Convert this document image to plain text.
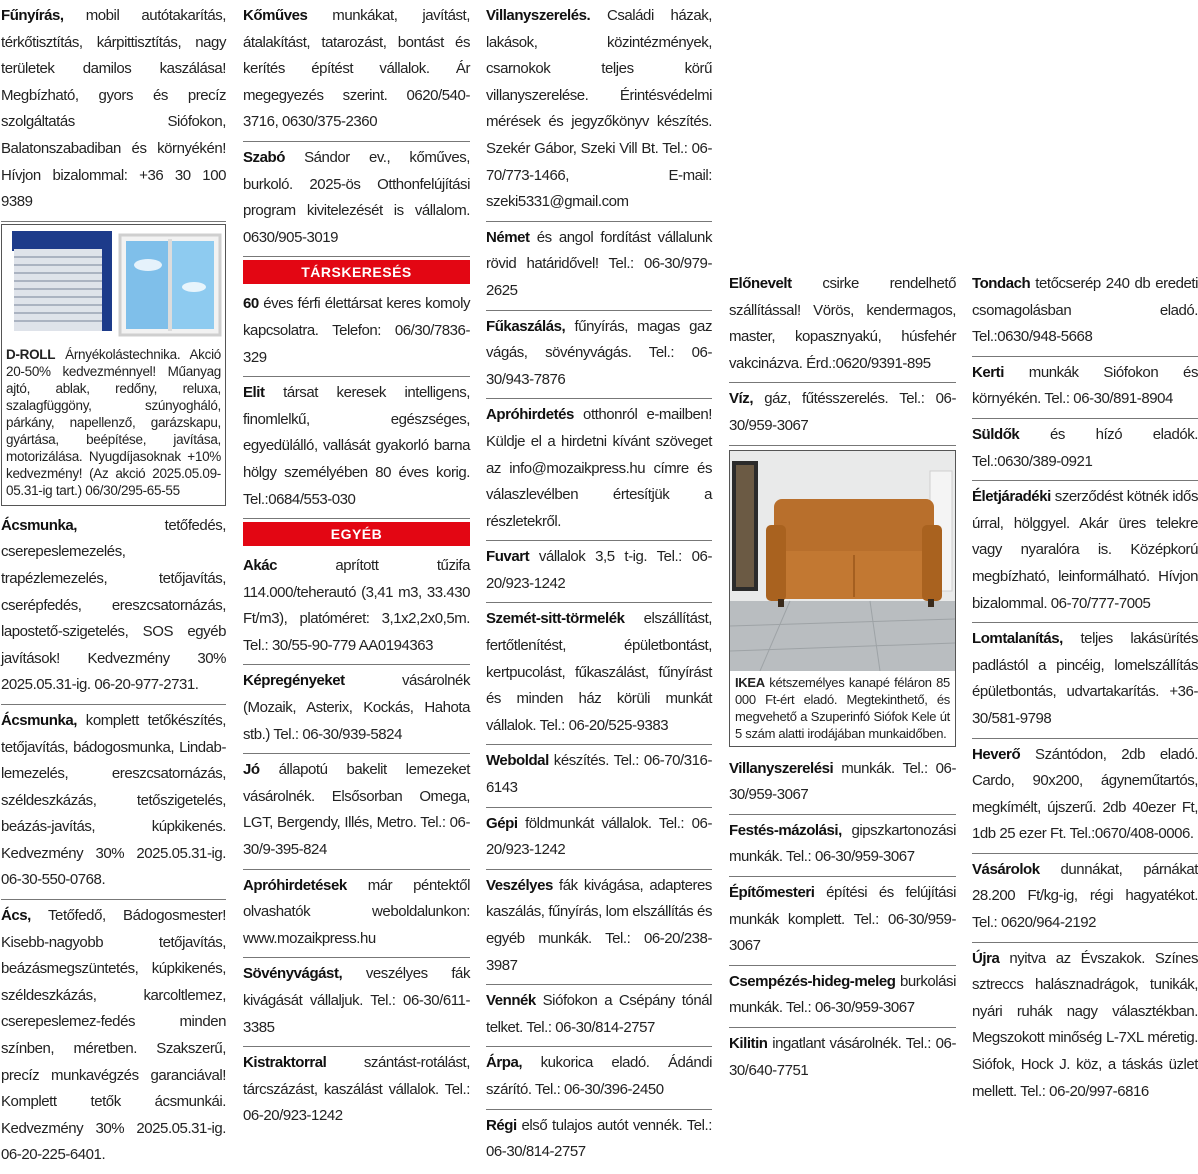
Fűnyírás, mobil autótakarítás, térkőtisztítás, kárpittisztítás, nagy területek damilos kaszálása! Megbízható, gyors és precíz szolgáltatás Siófokon, Balatonszabadiban és környékén! Hívjon bizalommal: +36 30 100 9389

D-ROLL Árnyékolástechnika. Akció 20-50% kedvezménnyel! Műanyag ajtó, ablak, redőny, reluxa, szalagfüggöny, szúnyogháló, párkány, napellenző, garázskapu, gyártása, beépítése, javítása, motorizálása. Nyugdíjasoknak +10% kedvezmény! (Az akció 2025.05.09-05.31-ig tart.) 06/30/295-65-55

Ácsmunka, tetőfedés, cserepeslemezelés, trapézlemezelés, tetőjavítás, cserépfedés, ereszcsatornázás, lapostető-szigetelés, SOS egyéb javítások! Kedvezmény 30% 2025.05.31-ig. 06-20-977-2731.

Ácsmunka, komplett tetőkészítés, tetőjavítás, bádogosmunka, Lindab-lemezelés, ereszcsatornázás, széldeszkázás, tetőszigetelés, beázás-javítás, kúpkikenés. Kedvezmény 30% 2025.05.31-ig. 06-30-550-0768.

Ács, Tetőfedő, Bádogosmester! Kisebb-nagyobb tetőjavítás, beázásmegszüntetés, kúpkikenés, széldeszkázás, karcoltlemez, cserepeslemez-fedés minden színben, méretben. Szakszerű, precíz munkavégzés garanciával! Komplett tetők ácsmunkái. Kedvezmény 30% 2025.05.31-ig. 06-20-225-6401.

Kőműves munkákat, javítást, átalakítást, tatarozást, bontást és kerítés építést vállalok. Ár megegyezés szerint. 0620/540-3716, 0630/375-2360

Szabó Sándor ev., kőműves, burkoló. 2025-ös Otthonfelújítási program kivitelezését is vállalom. 0630/905-3019

TÁRSKERESÉS

60 éves férfi élettársat keres komoly kapcsolatra. Telefon: 06/30/7836-329

Elit társat keresek intelligens, finomlelkű, egészséges, egyedülálló, vallását gyakorló barna hölgy személyében 80 éves korig. Tel.:0684/553-030

EGYÉB

Akác aprított tűzifa 114.000/teherautó (3,41 m3, 33.430 Ft/m3), platóméret: 3,1x2,2x0,5m. Tel.: 30/55-90-779 AA0194363

Képregényeket vásárolnék (Mozaik, Asterix, Kockás, Hahota stb.) Tel.: 06-30/939-5824

Jó állapotú bakelit lemezeket vásárolnék. Elsősorban Omega, LGT, Bergendy, Illés, Metro. Tel.: 06-30/9-395-824

Apróhirdetések már péntektől olvashatók weboldalunkon: www.mozaikpress.hu

Sövényvágást, veszélyes fák kivágását vállaljuk. Tel.: 06-30/611-3385

Kistraktorral szántást-rotálást, tárcszázást, kaszálást vállalok. Tel.: 06-20/923-1242

Villanyszerelés. Családi házak, lakások, közintézmények, csarnokok teljes körű villanyszerelése. Érintésvédelmi mérések és jegyzőkönyv készítés. Szekér Gábor, Szeki Vill Bt. Tel.: 06-70/773-1466, E-mail: szeki5331@gmail.com

Német és angol fordítást vállalunk rövid határidővel! Tel.: 06-30/979-2625

Fűkaszálás, fűnyírás, magas gaz vágás, sövényvágás. Tel.: 06-30/943-7876

Apróhirdetés otthonról e-mailben! Küldje el a hirdetni kívánt szöveget az info@mozaikpress.hu címre és válaszlevélben értesítjük a részletekről.

Fuvart vállalok 3,5 t-ig. Tel.: 06-20/923-1242

Szemét-sitt-törmelék elszállítást, fertőtlenítést, épületbontást, kertpucolást, fűkaszálást, fűnyírást és minden ház körüli munkát vállalok. Tel.: 06-20/525-9383

Weboldal készítés. Tel.: 06-70/316-6143

Gépi földmunkát vállalok. Tel.: 06-20/923-1242

Veszélyes fák kivágása, adapteres kaszálás, fűnyírás, lom elszállítás és egyéb munkák. Tel.: 06-20/238-3987

Vennék Siófokon a Csépány tónál telket. Tel.: 06-30/814-2757

Árpa, kukorica eladó. Ádándi szárító. Tel.: 06-30/396-2450

Régi első tulajos autót vennék. Tel.: 06-30/814-2757

Előnevelt csirke rendelhető szállítással! Vörös, kendermagos, master, kopasznyakú, húsfehér vakcinázva. Érd.:0620/9391-895

Víz, gáz, fűtésszerelés. Tel.: 06-30/959-3067

IKEA kétszemélyes kanapé féláron 85 000 Ft-ért eladó. Megtekinthető, és megvehető a Szuperinfó Siófok Kele út 5 szám alatti irodájában munkaidőben.

Villanyszerelési munkák. Tel.: 06-30/959-3067

Festés-mázolási, gipszkartonozási munkák. Tel.: 06-30/959-3067

Építőmesteri építési és felújítási munkák komplett. Tel.: 06-30/959-3067

Csempézés-hideg-meleg burkolási munkák. Tel.: 06-30/959-3067

Kilitin ingatlant vásárolnék. Tel.: 06-30/640-7751

Tondach tetőcserép 240 db eredeti csomagolásban eladó. Tel.:0630/948-5668

Kerti munkák Siófokon és környékén. Tel.: 06-30/891-8904

Süldők és hízó eladók. Tel.:0630/389-0921

Életjáradéki szerződést kötnék idős úrral, hölggyel. Akár üres telekre vagy nyaralóra is. Középkorú megbízható, leinformálható. Hívjon bizalommal. 06-70/777-7005

Lomtalanítás, teljes lakásürítés padlástól a pincéig, lomelszállítás épületbontás, udvartakarítás. +36-30/581-9798

Heverő Szántódon, 2db eladó. Cardo, 90x200, ágyneműtartós, megkímélt, újszerű. 2db 40ezer Ft, 1db 25 ezer Ft. Tel.:0670/408-0006.

Vásárolok dunnákat, párnákat 28.200 Ft/kg-ig, régi hagyatékot. Tel.: 0620/964-2192

Újra nyitva az Évszakok. Színes sztreccs halásznadrágok, tunikák, nyári ruhák nagy választékban. Megszokott minőség L-7XL méretig. Siófok, Hock J. köz, a táskás üzlet mellett. Tel.: 06-20/997-6816
